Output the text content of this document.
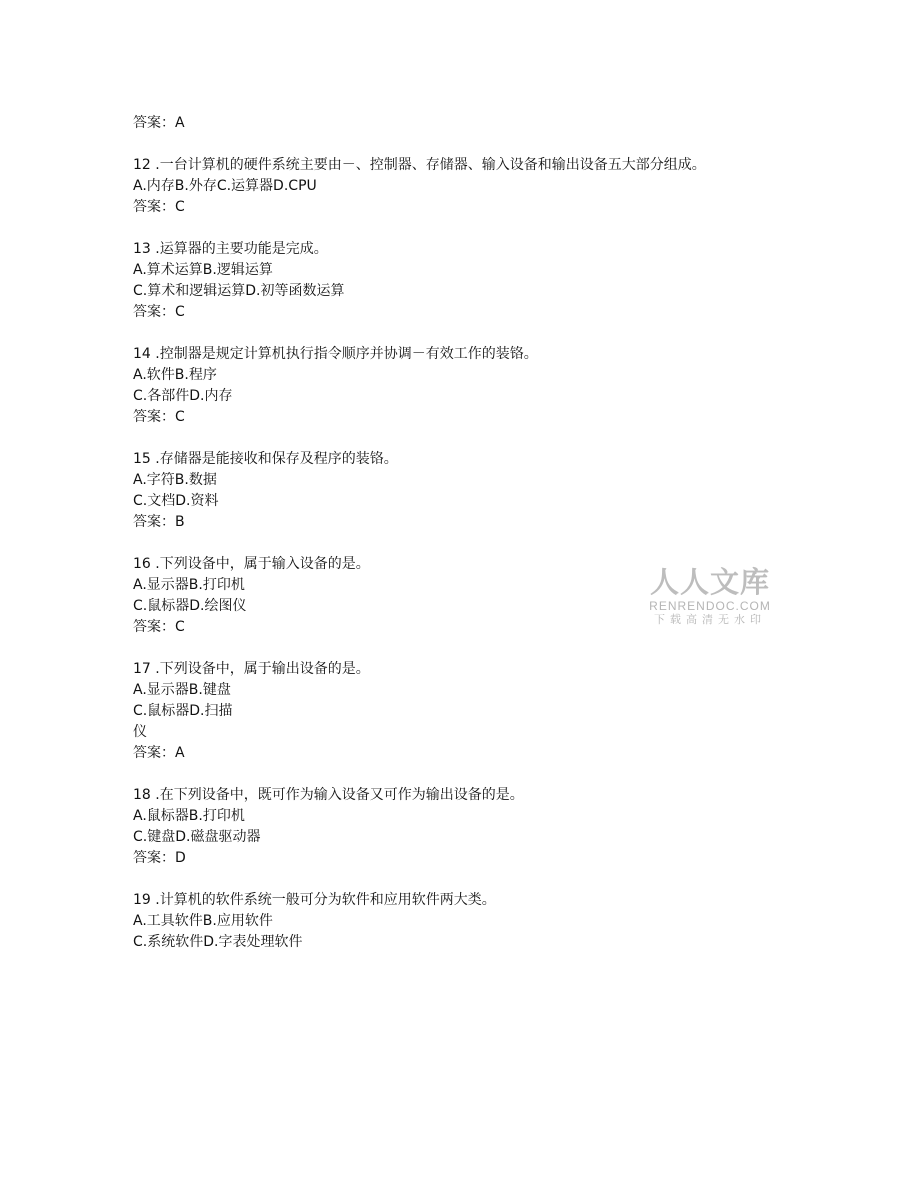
答案：A
12 .一台计算机的硬件系统主要由－、控制器、存储器、输入设备和输出设备五大部分组成。
A.内存B.外存C.运算器D.CPU
答案：C
13 .运算器的主要功能是完成。
A.算术运算B.逻辑运算
C.算术和逻辑运算D.初等函数运算
答案：C
14 .控制器是规定计算机执行指令顺序并协调－有效工作的装铬。
A.软件B.程序
C.各部件D.内存
答案：C
15 .存储器是能接收和保存及程序的装铬。
A.字符B.数据
C.文档D.资料
答案：B
16 .下列设备中，属于输入设备的是。
A.显示器B.打印机
C.鼠标器D.绘图仪
答案：C
17 .下列设备中，属于输出设备的是。
A.显示器B.键盘
C.鼠标器D.扫描
仪
答案：A
18 .在下列设备中，既可作为输入设备又可作为输出设备的是。
A.鼠标器B.打印机
C.键盘D.磁盘驱动器
答案：D
19 .计算机的软件系统一般可分为软件和应用软件两大类。
A.工具软件B.应用软件
C.系统软件D.字表处理软件
人人文库
RENRENDOC.COM
下载高清无水印
